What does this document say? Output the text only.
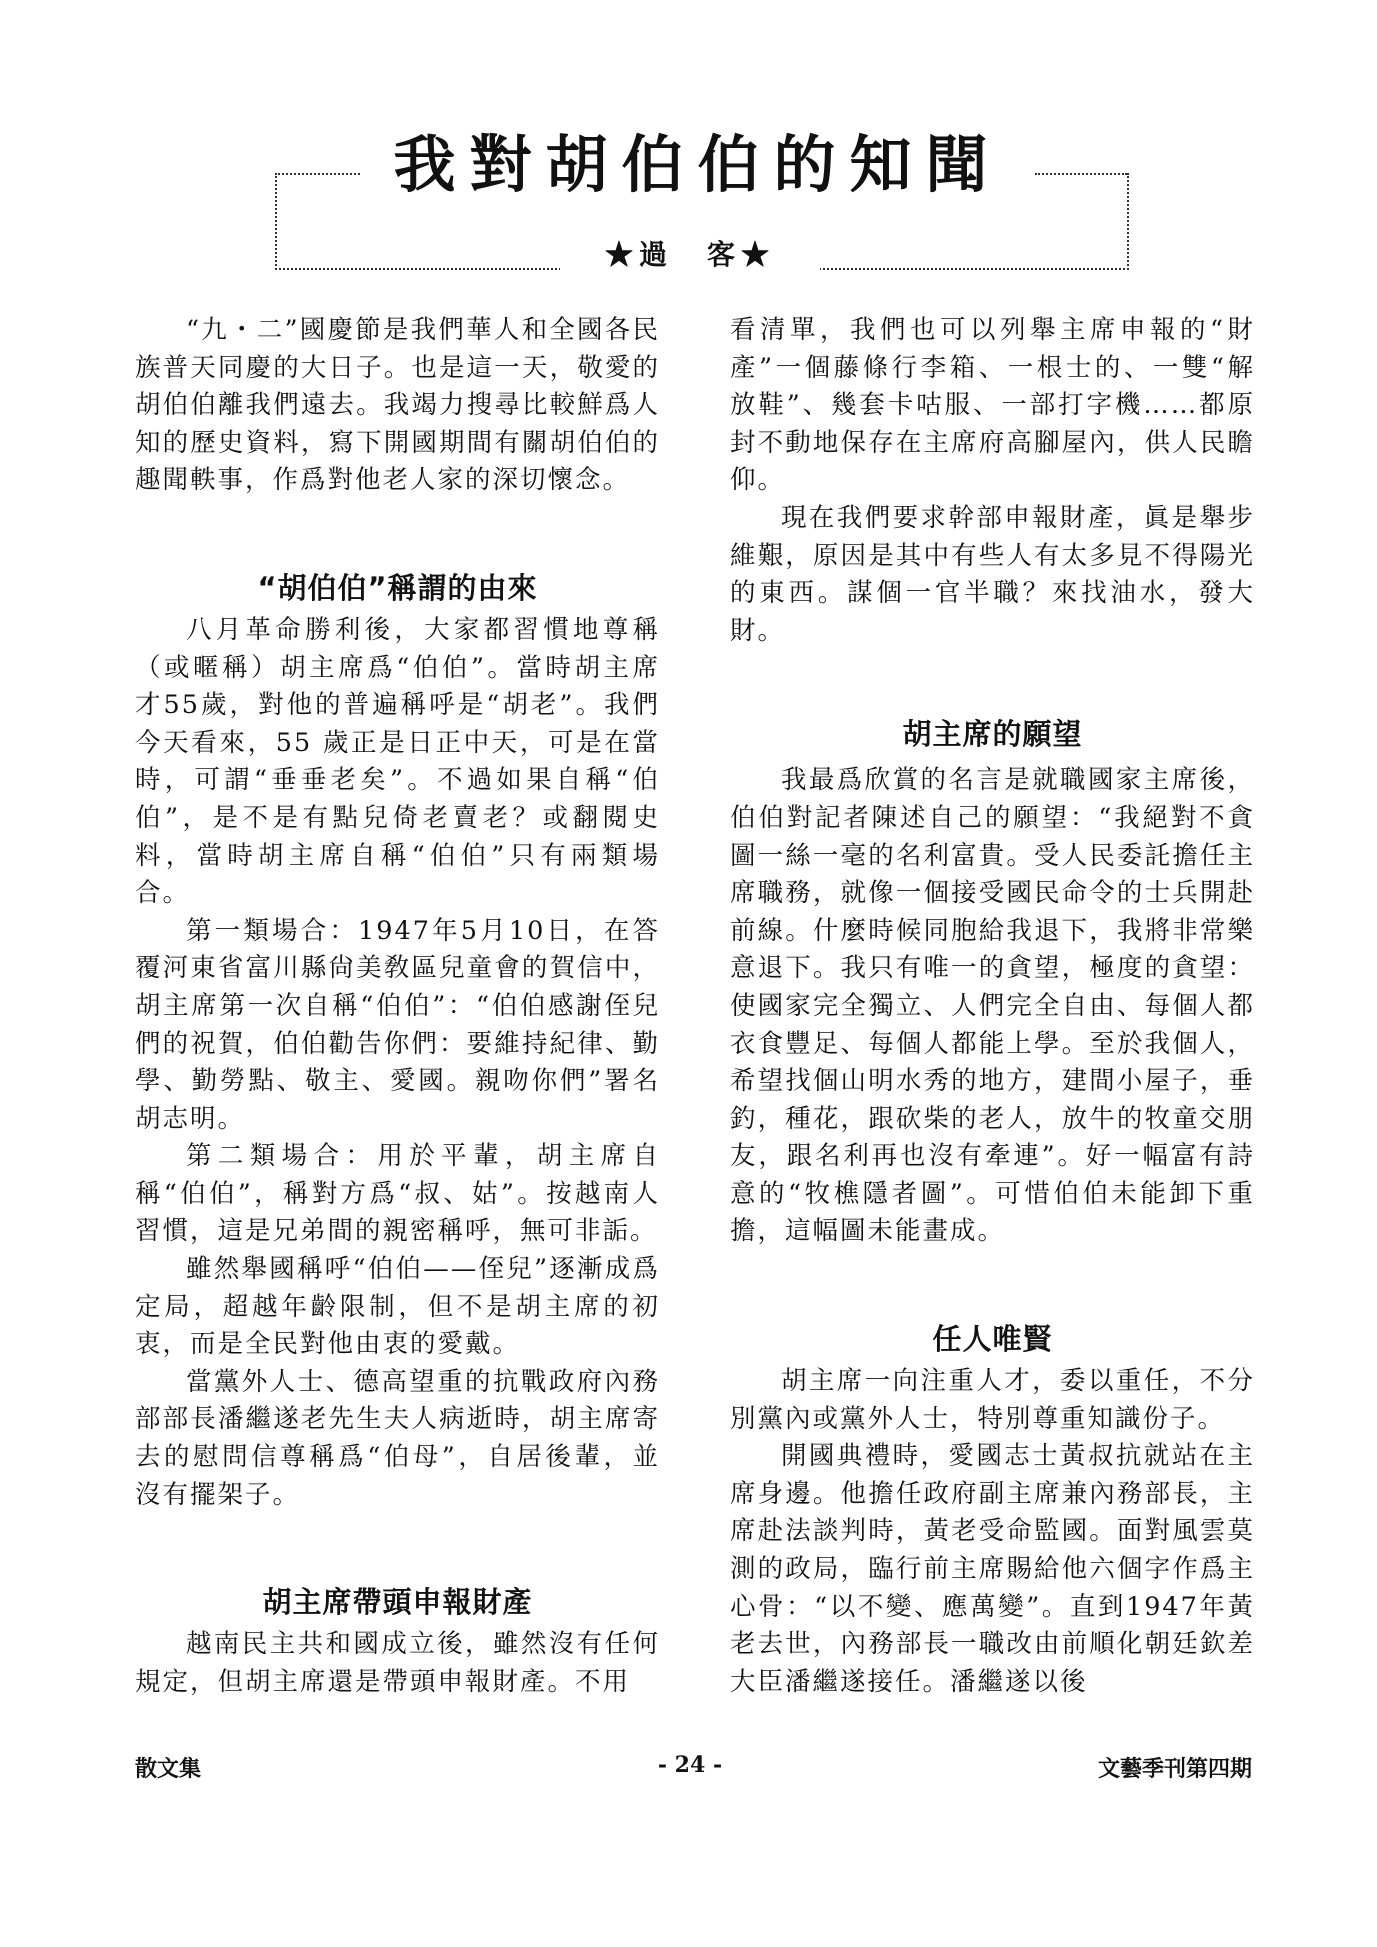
我對胡伯伯的知聞
★過　客★

“九・二”國慶節是我們華人和全國各民族普天同慶的大日子。也是這一天，敬愛的胡伯伯離我們遠去。我竭力搜尋比較鮮爲人知的歷史資料，寫下開國期間有關胡伯伯的趣聞軼事，作爲對他老人家的深切懷念。

“胡伯伯”稱謂的由來

八月革命勝利後，大家都習慣地尊稱（或暱稱）胡主席爲“伯伯”。當時胡主席才55歲，對他的普遍稱呼是“胡老”。我們今天看來，55 歲正是日正中天，可是在當時，可謂“垂垂老矣”。不過如果自稱“伯伯”，是不是有點兒倚老賣老？或翻閱史料，當時胡主席自稱“伯伯”只有兩類場合。

第一類場合：1947年5月10日，在答覆河東省富川縣尙美敎區兒童會的賀信中，胡主席第一次自稱“伯伯”：“伯伯感謝侄兒們的祝賀，伯伯勸告你們：要維持紀律、勤學、勤勞點、敬主、愛國。親吻你們”署名胡志明。

第二類場合：用於平輩，胡主席自稱“伯伯”，稱對方爲“叔、姑”。按越南人習慣，這是兄弟間的親密稱呼，無可非詬。

雖然舉國稱呼“伯伯——侄兒”逐漸成爲定局，超越年齡限制，但不是胡主席的初衷，而是全民對他由衷的愛戴。

當黨外人士、德高望重的抗戰政府內務部部長潘繼遂老先生夫人病逝時，胡主席寄去的慰問信尊稱爲“伯母”，自居後輩，並沒有擺架子。

胡主席帶頭申報財產

越南民主共和國成立後，雖然沒有任何規定，但胡主席還是帶頭申報財產。不用

看清單，我們也可以列舉主席申報的“財產”一個藤條行李箱、一根士的、一雙“解放鞋”、幾套卡咕服、一部打字機……都原封不動地保存在主席府高腳屋內，供人民瞻仰。

現在我們要求幹部申報財產，眞是舉步維艱，原因是其中有些人有太多見不得陽光的東西。謀個一官半職？來找油水，發大財。

胡主席的願望

我最爲欣賞的名言是就職國家主席後，伯伯對記者陳述自己的願望：“我絕對不貪圖一絲一毫的名利富貴。受人民委託擔任主席職務，就像一個接受國民命令的士兵開赴前線。什麼時候同胞給我退下，我將非常樂意退下。我只有唯一的貪望，極度的貪望：使國家完全獨立、人們完全自由、每個人都衣食豐足、每個人都能上學。至於我個人，希望找個山明水秀的地方，建間小屋子，垂釣，種花，跟砍柴的老人，放牛的牧童交朋友，跟名利再也沒有牽連”。好一幅富有詩意的“牧樵隱者圖”。可惜伯伯未能卸下重擔，這幅圖未能畫成。

任人唯賢

胡主席一向注重人才，委以重任，不分別黨內或黨外人士，特別尊重知識份子。

開國典禮時，愛國志士黃叔抗就站在主席身邊。他擔任政府副主席兼內務部長，主席赴法談判時，黃老受命監國。面對風雲莫測的政局，臨行前主席賜給他六個字作爲主心骨：“以不變、應萬變”。直到1947年黃老去世，內務部長一職改由前順化朝廷欽差大臣潘繼遂接任。潘繼遂以後

散文集	- 24 -	文藝季刊第四期
